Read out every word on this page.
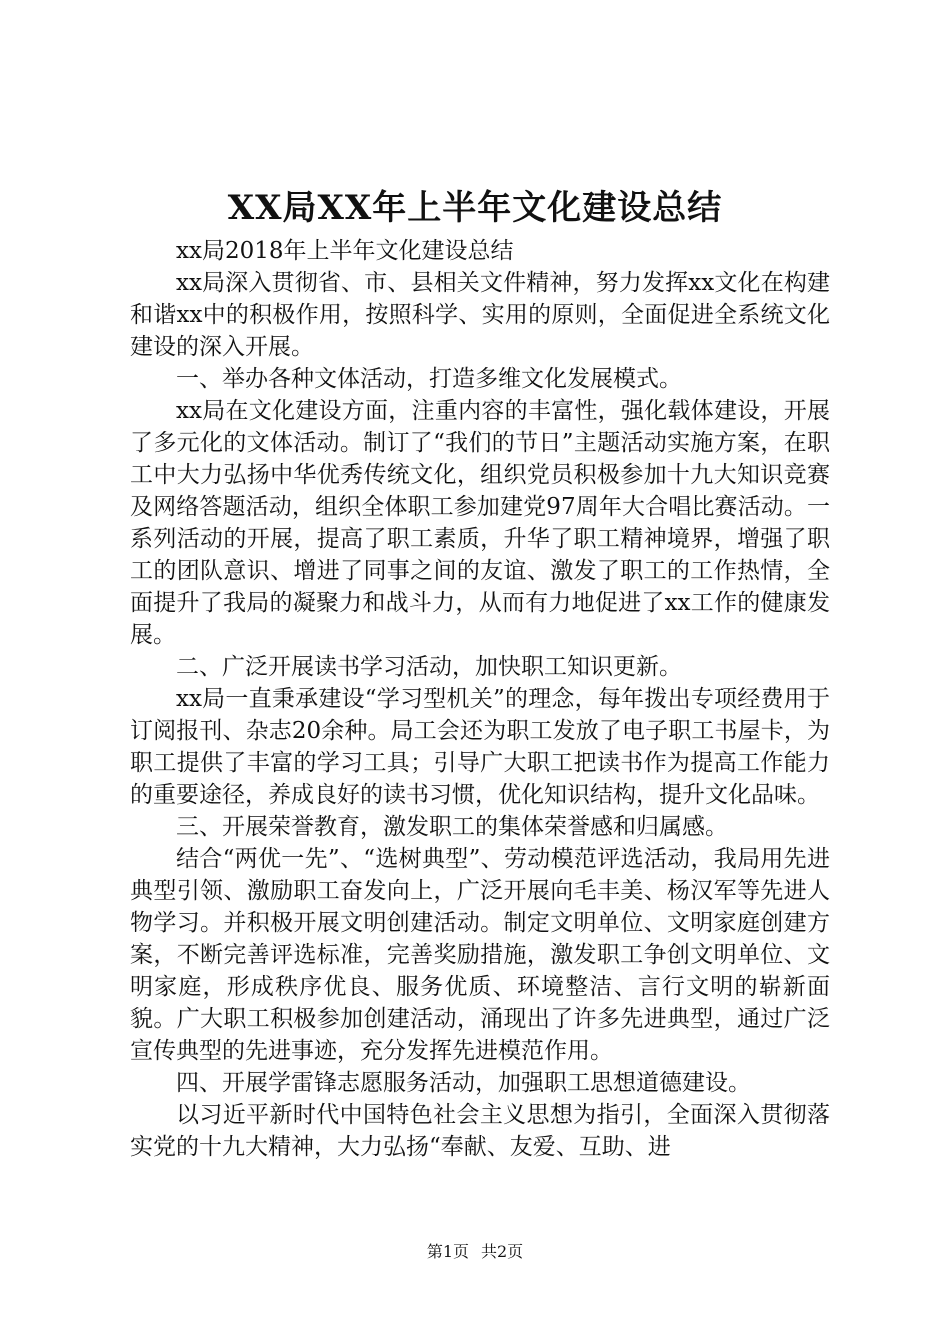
XX局XX年上半年文化建设总结

xx局2018年上半年文化建设总结

xx局深入贯彻省、市、县相关文件精神，努力发挥xx文化在构建和谐xx中的积极作用，按照科学、实用的原则，全面促进全系统文化建设的深入开展。

一、举办各种文体活动，打造多维文化发展模式。

xx局在文化建设方面，注重内容的丰富性，强化载体建设，开展了多元化的文体活动。制订了“我们的节日”主题活动实施方案，在职工中大力弘扬中华优秀传统文化，组织党员积极参加十九大知识竞赛及网络答题活动，组织全体职工参加建党97周年大合唱比赛活动。一系列活动的开展，提高了职工素质，升华了职工精神境界，增强了职工的团队意识、增进了同事之间的友谊、激发了职工的工作热情，全面提升了我局的凝聚力和战斗力，从而有力地促进了xx工作的健康发展。

二、广泛开展读书学习活动，加快职工知识更新。

xx局一直秉承建设“学习型机关”的理念，每年拨出专项经费用于订阅报刊、杂志20余种。局工会还为职工发放了电子职工书屋卡，为职工提供了丰富的学习工具；引导广大职工把读书作为提高工作能力的重要途径，养成良好的读书习惯，优化知识结构，提升文化品味。

三、开展荣誉教育，激发职工的集体荣誉感和归属感。

结合“两优一先”、“选树典型”、劳动模范评选活动，我局用先进典型引领、激励职工奋发向上，广泛开展向毛丰美、杨汉军等先进人物学习。并积极开展文明创建活动。制定文明单位、文明家庭创建方案，不断完善评选标准，完善奖励措施，激发职工争创文明单位、文明家庭，形成秩序优良、服务优质、环境整洁、言行文明的崭新面貌。广大职工积极参加创建活动，涌现出了许多先进典型，通过广泛宣传典型的先进事迹，充分发挥先进模范作用。

四、开展学雷锋志愿服务活动，加强职工思想道德建设。

以习近平新时代中国特色社会主义思想为指引，全面深入贯彻落实党的十九大精神，大力弘扬“奉献、友爱、互助、进

第1页 共2页
